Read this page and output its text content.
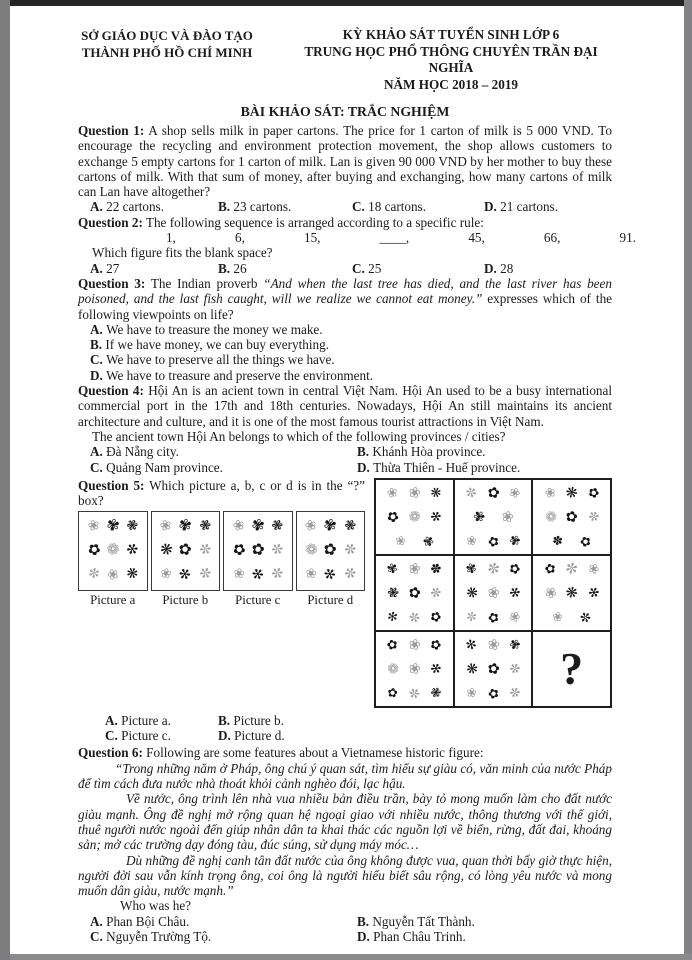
SỞ GIÁO DỤC VÀ ĐÀO TẠO
THÀNH PHỐ HỒ CHÍ MINH
KỲ KHẢO SÁT TUYỂN SINH LỚP 6
TRUNG HỌC PHỔ THÔNG CHUYÊN TRẦN ĐẠI NGHĨA
NĂM HỌC 2018 – 2019
BÀI KHẢO SÁT: TRẮC NGHIỆM

Question 1: A shop sells milk in paper cartons. The price for 1 carton of milk is 5 000 VND. To encourage the recycling and environment protection movement, the shop allows customers to exchange 5 empty cartons for 1 carton of milk. Lan is given 90 000 VND by her mother to buy these cartons of milk. With that sum of money, after buying and exchanging, how many cartons of milk can Lan have altogether?

A. 22 cartons.	B. 23 cartons.	C. 18 cartons.	D. 21 cartons.

Question 2: The following sequence is arranged according to a specific rule:

1,	6,	15,	____,	45,	66,	91.

Which figure fits the blank space?

A. 27	B. 26	C. 25	D. 28

Question 3: The Indian proverb “And when the last tree has died, and the last river has been poisoned, and the last fish caught, will we realize we cannot eat money.” expresses which of the following viewpoints on life?

A. We have to treasure the money we make.
B. If we have money, we can buy everything.
C. We have to preserve all the things we have.
D. We have to treasure and preserve the environment.

Question 4: Hội An is an acient town in central Việt Nam. Hội An used to be a busy international commercial port in the 17th and 18th centuries. Nowadays, Hội An still maintains its ancient architecture and culture, and it is one of the most famous tourist attractions in Việt Nam.

The ancient town Hội An belongs to which of the following provinces / cities?

A. Đà Nẵng city.	B. Khánh Hòa province.
C. Quảng Nam province.	D. Thừa Thiên - Huế province.
❀ ❀ ❋
✿ ❁ ✻
❀ ✾
✼ ✿ ❀
✾ ❀
❀ ✿ ✾
❀ ❋ ✿
❁ ✿ ✼
✽ ✿
✾ ❀ ✽
❃ ✿ ✼
✻ ✼ ✿
✾ ✼ ✿
❋ ❀ ✻
✼ ✿ ❀
✿ ✼ ❀
❀ ❋ ✻
❀ ✼
✿ ❀ ✿
❁ ❀ ✻
✿ ✼ ❃
✻ ❀ ✾
❋ ✿ ✼
❀ ✿ ✼ ?

Question 5: Which picture a, b, c or d is in the “?” box?

❀ ✾ ❃
✿ ❁ ✻
✼ ❀ ❋
Picture a
❀ ✾ ❃
❋ ✿ ✼
❀ ✻ ✼
Picture b
❀ ✾ ❃
✿ ✿ ✼
❀ ✻ ✼
Picture c
❀ ✾ ❃
❁ ✿ ✼
❀ ✻ ✼
Picture d
A. Picture a.	B. Picture b.
C. Picture c.	D. Picture d.

Question 6: Following are some features about a Vietnamese historic figure:

“Trong những năm ở Pháp, ông chú ý quan sát, tìm hiểu sự giàu có, văn minh của nước Pháp để tìm cách đưa nước nhà thoát khỏi cảnh nghèo đói, lạc hậu.

Về nước, ông trình lên nhà vua nhiều bản điều trần, bày tỏ mong muốn làm cho đất nước giàu mạnh. Ông đề nghị mở rộng quan hệ ngoại giao với nhiều nước, thông thương với thế giới, thuê người nước ngoài đến giúp nhân dân ta khai thác các nguồn lợi về biển, rừng, đất đai, khoáng sản; mở các trường dạy đóng tàu, đúc súng, sử dụng máy móc…

Dù những đề nghị canh tân đất nước của ông không được vua, quan thời bấy giờ thực hiện, người đời sau vẫn kính trọng ông, coi ông là người hiểu biết sâu rộng, có lòng yêu nước và mong muốn dân giàu, nước mạnh.”

Who was he?

A. Phan Bội Châu.	B. Nguyễn Tất Thành.
C. Nguyễn Trường Tộ.	D. Phan Châu Trinh.
